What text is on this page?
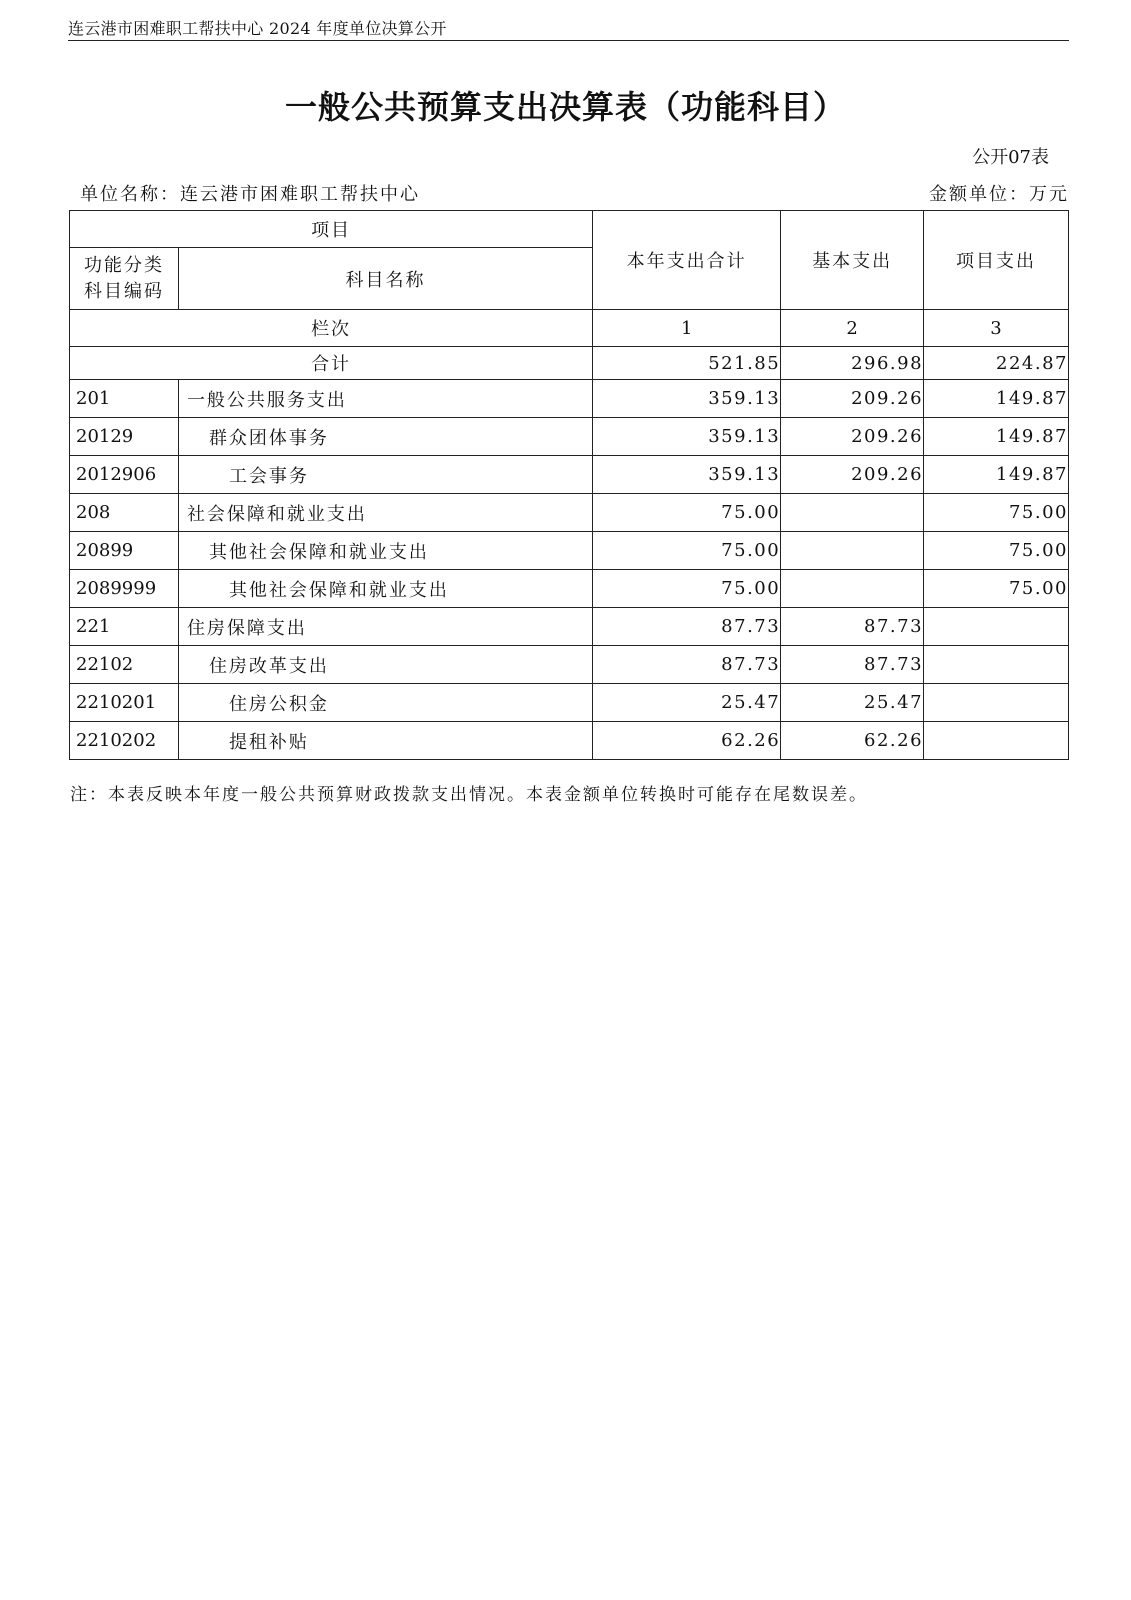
连云港市困难职工帮扶中心 2024 年度单位决算公开
一般公共预算支出决算表（功能科目）
公开07表
单位名称：连云港市困难职工帮扶中心	金额单位：万元
项目		本年支出合计	基本支出	项目支出
功能分类科目编码	科目名称			
栏次		1	2	3
合计		521.85	296.98	224.87
201	一般公共服务支出	359.13	209.26	149.87
20129	群众团体事务	359.13	209.26	149.87
2012906	工会事务	359.13	209.26	149.87
208	社会保障和就业支出	75.00		75.00
20899	其他社会保障和就业支出	75.00		75.00
2089999	其他社会保障和就业支出	75.00		75.00
221	住房保障支出	87.73	87.73	
22102	住房改革支出	87.73	87.73	
2210201	住房公积金	25.47	25.47	
2210202	提租补贴	62.26	62.26	
注：本表反映本年度一般公共预算财政拨款支出情况。本表金额单位转换时可能存在尾数误差。
